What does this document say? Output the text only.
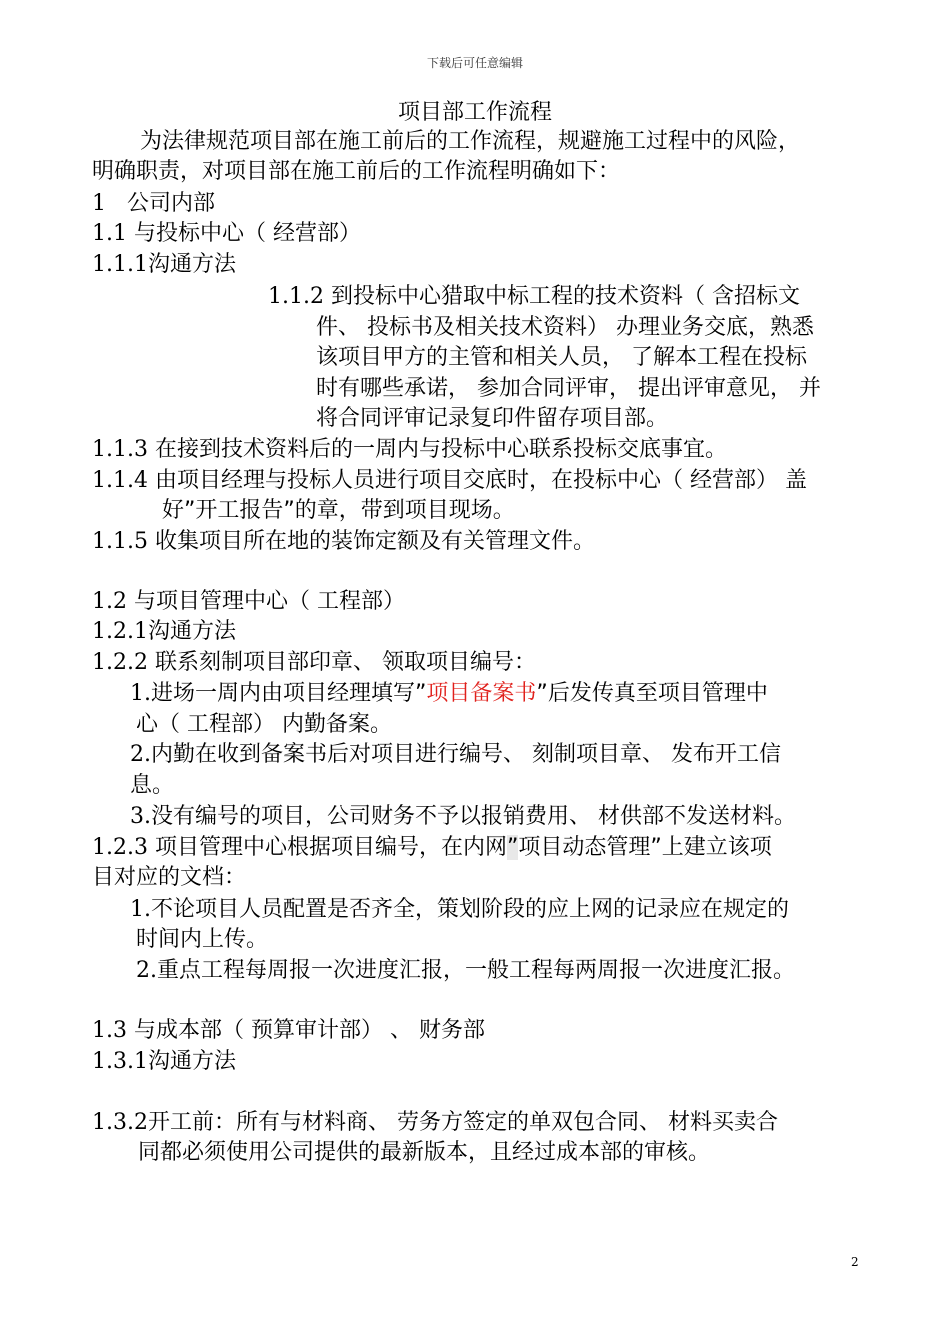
下载后可任意编辑
项目部工作流程
为法律规范项目部在施工前后的工作流程，规避施工过程中的风险，
明确职责，对项目部在施工前后的工作流程明确如下：
1 公司内部
1.1 与投标中心（ 经营部）
1.1.1沟通方法
1.1.2 到投标中心猎取中标工程的技术资料（ 含招标文
件、 投标书及相关技术资料） 办理业务交底，熟悉
该项目甲方的主管和相关人员， 了解本工程在投标
时有哪些承诺， 参加合同评审， 提出评审意见， 并
将合同评审记录复印件留存项目部。
1.1.3 在接到技术资料后的一周内与投标中心联系投标交底事宜。
1.1.4 由项目经理与投标人员进行项目交底时，在投标中心（ 经营部） 盖
好”开工报告”的章，带到项目现场。
1.1.5 收集项目所在地的装饰定额及有关管理文件。
1.2 与项目管理中心（ 工程部）
1.2.1沟通方法
1.2.2 联系刻制项目部印章、 领取项目编号：
1.进场一周内由项目经理填写”项目备案书”后发传真至项目管理中
心（ 工程部） 内勤备案。
2.内勤在收到备案书后对项目进行编号、 刻制项目章、 发布开工信
息。
3.没有编号的项目，公司财务不予以报销费用、 材供部不发送材料。
1.2.3 项目管理中心根据项目编号，在内网”项目动态管理”上建立该项
目对应的文档：
1.不论项目人员配置是否齐全，策划阶段的应上网的记录应在规定的
时间内上传。
2.重点工程每周报一次进度汇报，一般工程每两周报一次进度汇报。
1.3 与成本部（ 预算审计部） 、 财务部
1.3.1沟通方法
1.3.2开工前：所有与材料商、 劳务方签定的单双包合同、 材料买卖合
同都必须使用公司提供的最新版本，且经过成本部的审核。
2
